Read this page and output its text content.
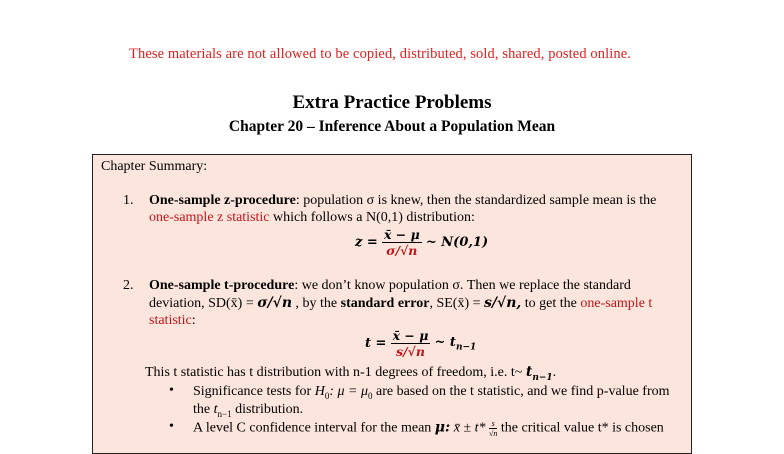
These materials are not allowed to be copied, distributed, sold, shared, posted online.
Extra Practice Problems
Chapter 20 – Inference About a Population Mean
Chapter Summary:
1. One-sample z-procedure: population σ is knew, then the standardized sample mean is the
one-sample z statistic which follows a N(0,1) distribution:
$z = \frac{x̄ - \mu}{\sigma/√n}$ ~ N(0,1)
2. One-sample t-procedure: we don’t know population σ. Then we replace the standard
deviation, SD(x̄) = σ/√n , by the standard error, SE(x̄) = s/√n, to get the one-sample t
statistic:
$t = \frac{x̄ - \mu}{s/√n}$ ~ $t_{n-1}$
This t statistic has t distribution with n-1 degrees of freedom, i.e. t~ $t_{n-1}$.
• Significance tests for $H_0$: $\mu = \mu_0$ are based on the t statistic, and we find p-value from
the $t_{n-1}$ distribution.
• A level C confidence interval for the mean μ: x̄ ± $t* \frac{s}{√n}$ the critical value t* is chosen
